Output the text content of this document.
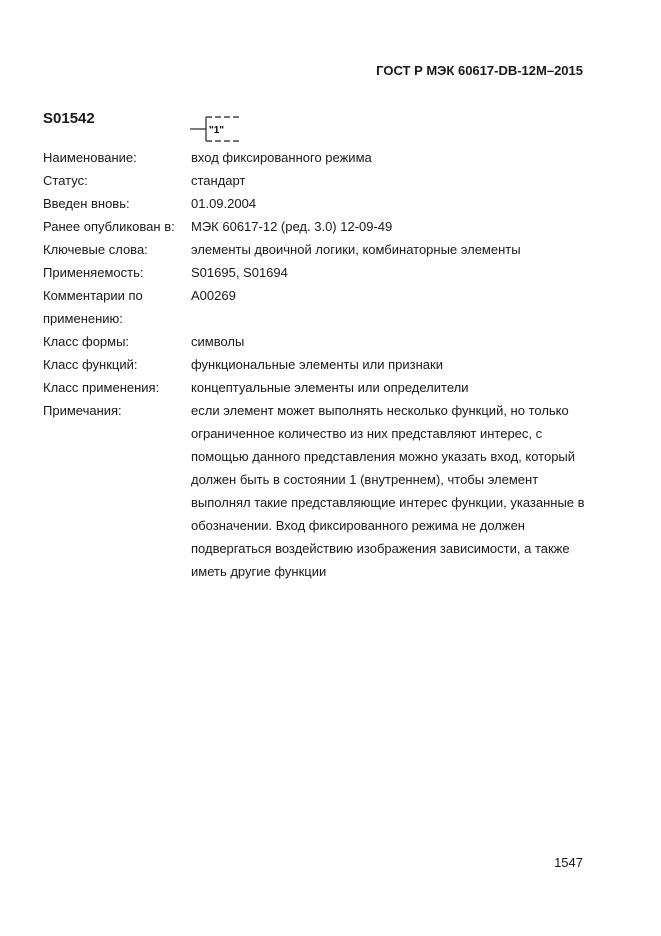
ГОСТ Р МЭК 60617-DB-12M–2015
S01542
"1"
Наименование:	вход фиксированного режима
Статус:	стандарт
Введен вновь:	01.09.2004
Ранее опубликован в:	МЭК 60617-12 (ред. 3.0) 12-09-49
Ключевые слова:	элементы двоичной логики, комбинаторные элементы
Применяемость:	S01695, S01694
Комментарии по применению:
A00269
Класс формы:	символы
Класс функций:	функциональные элементы или признаки
Класс применения:	концептуальные элементы или определители
Примечания:	если элемент может выполнять несколько функций, но только ограниченное количество из них представляют интерес, с помощью данного представления можно указать вход, который должен быть в состоянии 1 (внутреннем), чтобы элемент выполнял такие представляющие интерес функции, указанные в обозначении. Вход фиксированного режима не должен подвергаться воздействию изображения зависимости, а также иметь другие функции
1547
